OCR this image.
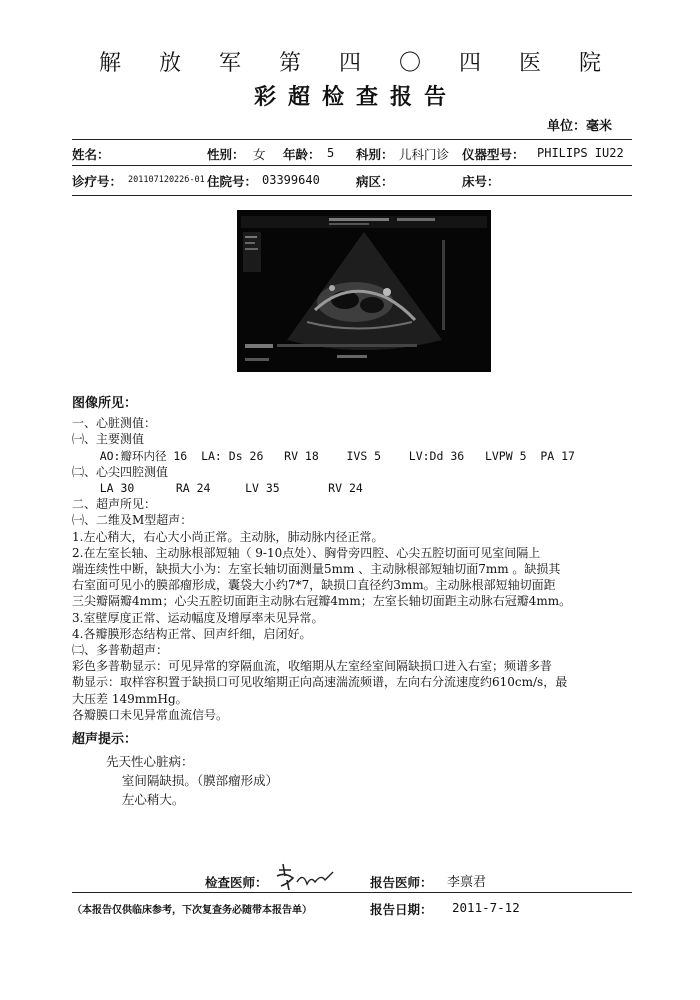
解放军第四〇四医院
彩超检查报告
单位：毫米
姓名：	性别： 女 年龄： 5 科别： 儿科门诊 仪器型号： PHILIPS IU22
诊疗号： 20110712022б-01 住院号： 03399640	病区：	床号：
图像所见：
一、心脏测值：
㈠、主要测值
AO:瓣环内径 16  LA: Ds 26   RV 18    IVS 5    LV:Dd 36   LVPW 5  PA 17
㈡、心尖四腔测值
LA 30      RA 24     LV 35       RV 24
二、超声所见：
㈠、二维及M型超声：
1.左心稍大，右心大小尚正常。主动脉，肺动脉内径正常。
2.在左室长轴、主动脉根部短轴（ 9-10点处）、胸骨旁四腔、心尖五腔切面可见室间隔上
端连续性中断，缺损大小为：左室长轴切面测量5mm 、主动脉根部短轴切面7mm 。缺损其
右室面可见小的膜部瘤形成，囊袋大小约7*7，缺损口直径约3mm。主动脉根部短轴切面距
三尖瓣隔瓣4mm；心尖五腔切面距主动脉右冠瓣4mm；左室长轴切面距主动脉右冠瓣4mm。
3.室壁厚度正常、运动幅度及增厚率未见异常。
4.各瓣膜形态结构正常、回声纤细，启闭好。
㈡、多普勒超声：
彩色多普勒显示：可见异常的穿隔血流，收缩期从左室经室间隔缺损口进入右室；频谱多普
勒显示：取样容积置于缺损口可见收缩期正向高速湍流频谱，左向右分流速度约610cm/s，最
大压差 149mmHg。
各瓣膜口未见异常血流信号。
超声提示：
先天性心脏病：
室间隔缺损。（膜部瘤形成）
左心稍大。
检查医师：	报告医师： 李禀君
（本报告仅供临床参考，下次复查务必随带本报告单）	报告日期： 2011-7-12
